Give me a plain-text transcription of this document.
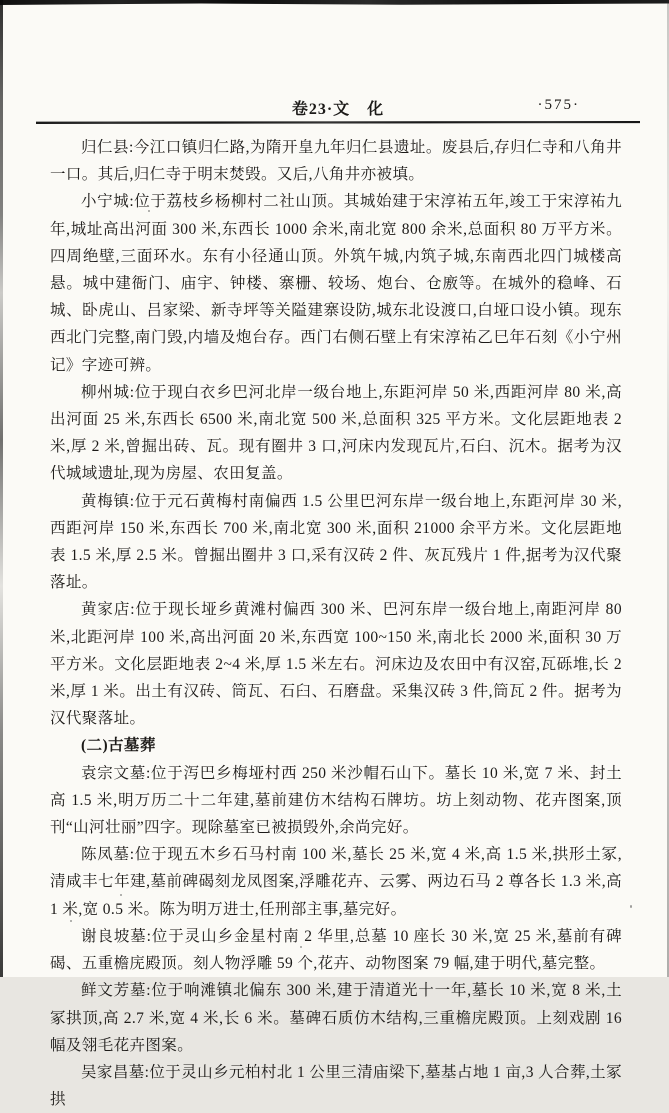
卷23·文　化	·575·

归仁县:今江口镇归仁路,为隋开皇九年归仁县遗址。废县后,存归仁寺和八角井一口。其后,归仁寺于明末焚毁。又后,八角井亦被填。

小宁城:位于荔枝乡杨柳村二社山顶。其城始建于宋淳祐五年,竣工于宋淳祐九年,城址高出河面 300 米,东西长 1000 余米,南北宽 800 余米,总面积 80 万平方米。四周绝壁,三面环水。东有小径通山顶。外筑午城,内筑子城,东南西北四门城楼高悬。城中建衙门、庙宇、钟楼、寨栅、较场、炮台、仓廒等。在城外的稳峰、石城、卧虎山、吕家梁、新寺坪等关隘建寨设防,城东北设渡口,白垭口设小镇。现东西北门完整,南门毁,内墙及炮台存。西门右侧石壁上有宋淳祐乙巳年石刻《小宁州记》字迹可辨。

柳州城:位于现白衣乡巴河北岸一级台地上,东距河岸 50 米,西距河岸 80 米,高出河面 25 米,东西长 6500 米,南北宽 500 米,总面积 325 平方米。文化层距地表 2 米,厚 2 米,曾掘出砖、瓦。现有圈井 3 口,河床内发现瓦片,石臼、沉木。据考为汉代城域遗址,现为房屋、农田复盖。

黄梅镇:位于元石黄梅村南偏西 1.5 公里巴河东岸一级台地上,东距河岸 30 米,西距河岸 150 米,东西长 700 米,南北宽 300 米,面积 21000 余平方米。文化层距地表 1.5 米,厚 2.5 米。曾掘出圈井 3 口,采有汉砖 2 件、灰瓦残片 1 件,据考为汉代聚落址。

黄家店:位于现长垭乡黄滩村偏西 300 米、巴河东岸一级台地上,南距河岸 80 米,北距河岸 100 米,高出河面 20 米,东西宽 100~150 米,南北长 2000 米,面积 30 万平方米。文化层距地表 2~4 米,厚 1.5 米左右。河床边及农田中有汉窑,瓦砾堆,长 2 米,厚 1 米。出土有汉砖、筒瓦、石臼、石磨盘。采集汉砖 3 件,筒瓦 2 件。据考为汉代聚落址。

(二)古墓葬

袁宗文墓:位于泻巴乡梅垭村西 250 米沙帽石山下。墓长 10 米,宽 7 米、封土高 1.5 米,明万历二十二年建,墓前建仿木结构石牌坊。坊上刻动物、花卉图案,顶刊“山河壮丽”四字。现除墓室已被损毁外,余尚完好。

陈凤墓:位于现五木乡石马村南 100 米,墓长 25 米,宽 4 米,高 1.5 米,拱形土冢,清咸丰七年建,墓前碑碣刻龙凤图案,浮雕花卉、云雾、两边石马 2 尊各长 1.3 米,高 1 米,宽 0.5 米。陈为明万进士,任刑部主事,墓完好。

谢良坡墓:位于灵山乡金星村南 2 华里,总墓 10 座长 30 米,宽 25 米,墓前有碑碣、五重檐庑殿顶。刻人物浮雕 59 个,花卉、动物图案 79 幅,建于明代,墓完整。

鲜文芳墓:位于响滩镇北偏东 300 米,建于清道光十一年,墓长 10 米,宽 8 米,土冢拱顶,高 2.7 米,宽 4 米,长 6 米。墓碑石质仿木结构,三重檐庑殿顶。上刻戏剧 16 幅及翎毛花卉图案。

吴家昌墓:位于灵山乡元柏村北 1 公里三清庙梁下,墓基占地 1 亩,3 人合葬,土冢拱
